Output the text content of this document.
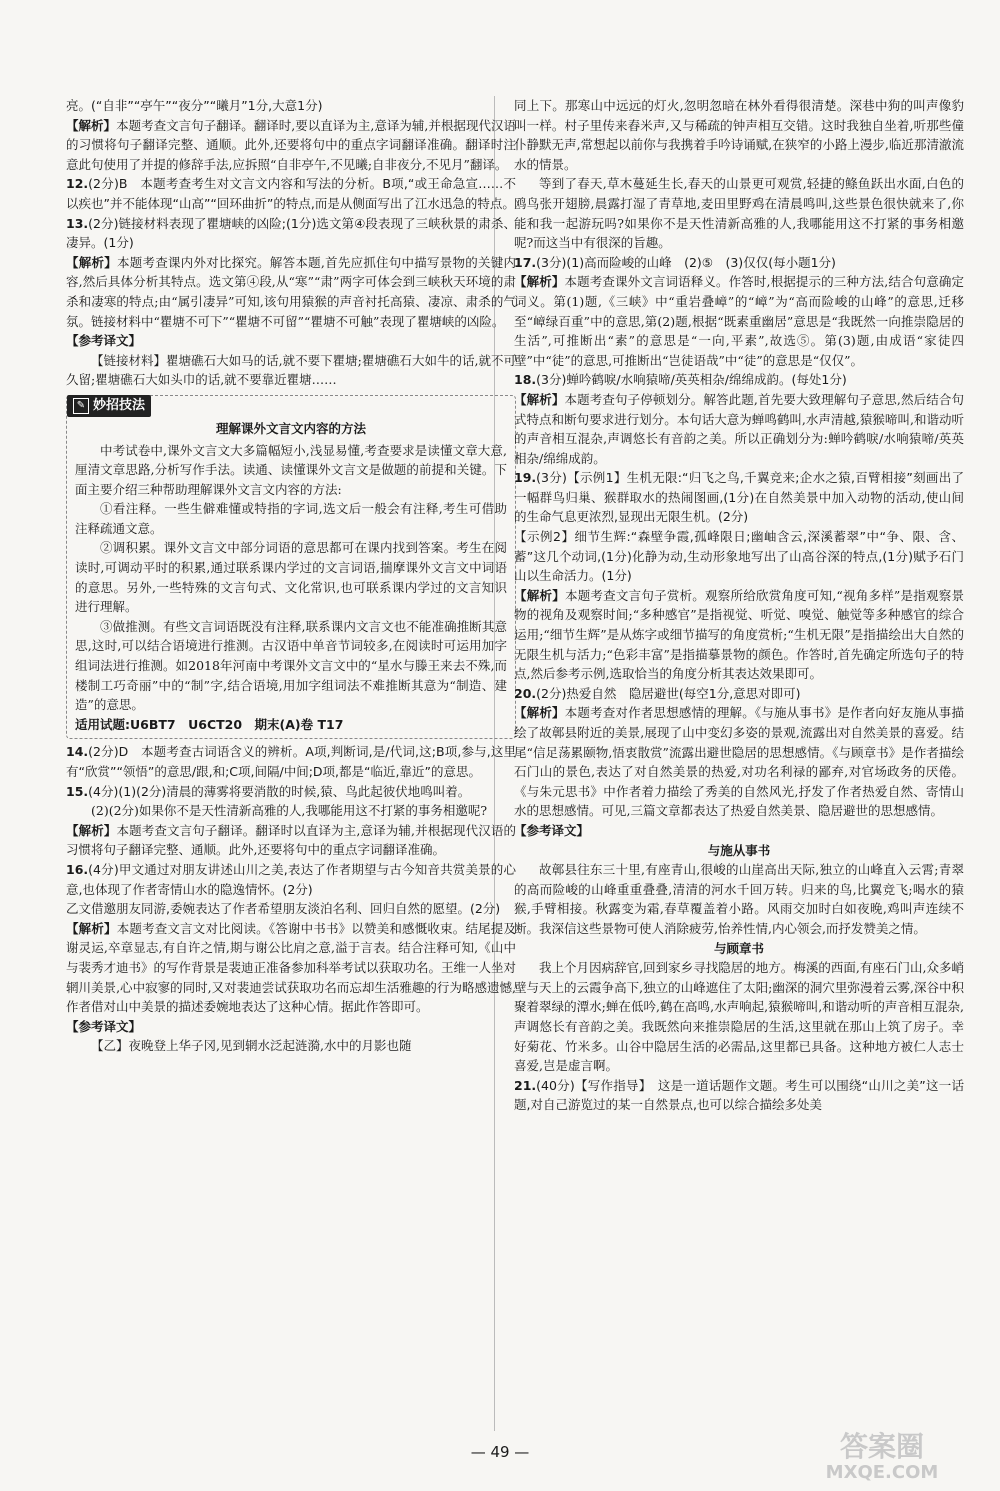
亮。(“自非”“亭午”“夜分”“曦月”1分,大意1分)

【解析】本题考查文言句子翻译。翻译时,要以直译为主,意译为辅,并根据现代汉语的习惯将句子翻译完整、通顺。此外,还要将句中的重点字词翻译准确。翻译时注意此句使用了并提的修辞手法,应拆照“自非亭午,不见曦;自非夜分,不见月”翻译。

12.(2分)B　本题考查考生对文言文内容和写法的分析。B项,“或王命急宣……不以疾也”并不能体现“山高”“回环曲折”的特点,而是从侧面写出了江水迅急的特点。

13.(2分)链接材料表现了瞿塘峡的凶险;(1分)选文第④段表现了三峡秋景的肃杀、凄异。(1分)

【解析】本题考查课内外对比探究。解答本题,首先应抓住句中描写景物的关键内容,然后具体分析其特点。选文第④段,从“寒”“肃”两字可体会到三峡秋天环境的肃杀和凄寒的特点;由“属引凄异”可知,该句用猿猴的声音衬托高猿、凄凉、肃杀的气氛。链接材料中“瞿塘不可下”“瞿塘不可留”“瞿塘不可触”表现了瞿塘峡的凶险。

【参考译文】

【链接材料】瞿塘礁石大如马的话,就不要下瞿塘;瞿塘礁石大如牛的话,就不可久留;瞿塘礁石大如头巾的话,就不要靠近瞿塘……

✎ 妙招技法

理解课外文言文内容的方法

中考试卷中,课外文言文大多篇幅短小,浅显易懂,考查要求是读懂文章大意,厘清文章思路,分析写作手法。读通、读懂课外文言文是做题的前提和关键。下面主要介绍三种帮助理解课外文言文内容的方法:

①看注释。一些生僻难懂或特指的字词,选文后一般会有注释,考生可借助注释疏通文意。

②调积累。课外文言文中部分词语的意思都可在课内找到答案。考生在阅读时,可调动平时的积累,通过联系课内学过的文言词语,揣摩课外文言文中词语的意思。另外,一些特殊的文言句式、文化常识,也可联系课内学过的文言知识进行理解。

③做推测。有些文言词语既没有注释,联系课内文言文也不能准确推断其意思,这时,可以结合语境进行推测。古汉语中单音节词较多,在阅读时可运用加字组词法进行推测。如2018年河南中考课外文言文中的“星水与滕王来去不殊,而楼制工巧奇丽”中的“制”字,结合语境,用加字组词法不难推断其意为“制造、建造”的意思。

适用试题:U6BT7　U6CT20　期末(A)卷 T17

14.(2分)D　本题考查古词语含义的辨析。A项,判断词,是/代词,这;B项,参与,这里有“欣赏”“领悟”的意思/跟,和;C项,间隔/中间;D项,都是“临近,靠近”的意思。

15.(4分)(1)(2分)清晨的薄雾将要消散的时候,猿、鸟此起彼伏地鸣叫着。

(2)(2分)如果你不是天性清新高雅的人,我哪能用这不打紧的事务相邀呢?

【解析】本题考查文言句子翻译。翻译时以直译为主,意译为辅,并根据现代汉语的习惯将句子翻译完整、通顺。此外,还要将句中的重点字词翻译准确。

16.(4分)甲文通过对朋友讲述山川之美,表达了作者期望与古今知音共赏美景的心意,也体现了作者寄情山水的隐逸情怀。(2分)

乙文借邀朋友同游,委婉表达了作者希望朋友淡泊名利、回归自然的愿望。(2分)

【解析】本题考查文言文对比阅读。《答谢中书书》以赞美和感慨收束。结尾提及谢灵运,卒章显志,有自许之情,期与谢公比肩之意,溢于言表。结合注释可知,《山中与裴秀才迪书》的写作背景是裴迪正准备参加科举考试以获取功名。王维一人坐对辋川美景,心中寂寥的同时,又对裴迪尝试获取功名而忘却生活雅趣的行为略感遗憾,作者借对山中美景的描述委婉地表达了这种心情。据此作答即可。

【参考译文】

【乙】夜晚登上华子冈,见到辋水泛起涟漪,水中的月影也随

同上下。那寒山中远远的灯火,忽明忽暗在林外看得很清楚。深巷中狗的叫声像豹叫一样。村子里传来舂米声,又与稀疏的钟声相互交错。这时我独自坐着,听那些僮仆静默无声,常想起以前你与我携着手吟诗诵赋,在狭窄的小路上漫步,临近那清澈流水的情景。

等到了春天,草木蔓延生长,春天的山景更可观赏,轻捷的鲦鱼跃出水面,白色的鸥鸟张开翅膀,晨露打湿了青草地,麦田里野鸡在清晨鸣叫,这些景色很快就来了,你能和我一起游玩吗?如果你不是天性清新高雅的人,我哪能用这不打紧的事务相邀呢?而这当中有很深的旨趣。

17.(3分)(1)高而险峻的山峰　(2)⑤　(3)仅仅(每小题1分)

【解析】本题考查课外文言词语释义。作答时,根据提示的三种方法,结合句意确定词义。第(1)题,《三峡》中“重岩叠嶂”的“嶂”为“高而险峻的山峰”的意思,迁移至“嶂绿百重”中的意思,第(2)题,根据“既素重幽居”意思是“我既然一向推崇隐居的生活”,可推断出“素”的意思是“一向,平素”,故选⑤。第(3)题,由成语“家徒四壁”中“徒”的意思,可推断出“岂徒语哉”中“徒”的意思是“仅仅”。

18.(3分)蝉吟鹤唳/水响猿啼/英英相杂/绵绵成韵。(每处1分)

【解析】本题考查句子停顿划分。解答此题,首先要大致理解句子意思,然后结合句式特点和断句要求进行划分。本句话大意为蝉鸣鹤叫,水声清越,猿猴啼叫,和谐动听的声音相互混杂,声调悠长有音韵之美。所以正确划分为:蝉吟鹤唳/水响猿啼/英英相杂/绵绵成韵。

19.(3分)【示例1】生机无限:“归飞之鸟,千翼竞来;企水之猿,百臂相接”刻画出了一幅群鸟归巢、猴群取水的热闹图画,(1分)在自然美景中加入动物的活动,使山间的生命气息更浓烈,显现出无限生机。(2分)

【示例2】细节生辉:“森壁争霞,孤峰限日;幽岫含云,深溪蓄翠”中“争、限、含、蓄”这几个动词,(1分)化静为动,生动形象地写出了山高谷深的特点,(1分)赋予石门山以生命活力。(1分)

【解析】本题考查文言句子赏析。观察所给欣赏角度可知,“视角多样”是指观察景物的视角及观察时间;“多种感官”是指视觉、听觉、嗅觉、触觉等多种感官的综合运用;“细节生辉”是从炼字或细节描写的角度赏析;“生机无限”是指描绘出大自然的无限生机与活力;“色彩丰富”是指描摹景物的颜色。作答时,首先确定所选句子的特点,然后参考示例,选取恰当的角度分析其表达效果即可。

20.(2分)热爱自然　隐居避世(每空1分,意思对即可)

【解析】本题考查对作者思想感情的理解。《与施从事书》是作者向好友施从事描绘了故鄣县附近的美景,展现了山中变幻多姿的景观,流露出对自然美景的喜爱。结尾“信足荡累颐物,悟衷散赏”流露出避世隐居的思想感情。《与顾章书》是作者描绘石门山的景色,表达了对自然美景的热爱,对功名利禄的鄙弃,对官场政务的厌倦。《与朱元思书》中作者着力描绘了秀美的自然风光,抒发了作者热爱自然、寄情山水的思想感情。可见,三篇文章都表达了热爱自然美景、隐居避世的思想感情。

【参考译文】

与施从事书

故鄣县往东三十里,有座青山,很峻的山崖高出天际,独立的山峰直入云霄;青翠的高而险峻的山峰重重叠叠,清清的河水千回万转。归来的鸟,比翼竞飞;喝水的猿猴,手臂相接。秋露变为霜,春草覆盖着小路。风雨交加时白如夜晚,鸡叫声连续不断。我深信这些景物可使人消除疲劳,怡养性情,内心领会,而抒发赞美之情。

与顾章书

我上个月因病辞官,回到家乡寻找隐居的地方。梅溪的西面,有座石门山,众多峭壁与天上的云霞争高下,独立的山峰遮住了太阳;幽深的洞穴里弥漫着云雾,深谷中积聚着翠绿的潭水;蝉在低吟,鹤在高鸣,水声响起,猿猴啼叫,和谐动听的声音相互混杂,声调悠长有音韵之美。我既然向来推崇隐居的生活,这里就在那山上筑了房子。幸好菊花、竹米多。山谷中隐居生活的必需品,这里都已具备。这种地方被仁人志士喜爱,岂是虚言啊。

21.(40分)【写作指导】　这是一道话题作文题。考生可以围绕“山川之美”这一话题,对自己游览过的某一自然景点,也可以综合描绘多处美

— 49 —	答案圈
MXQE.COM
